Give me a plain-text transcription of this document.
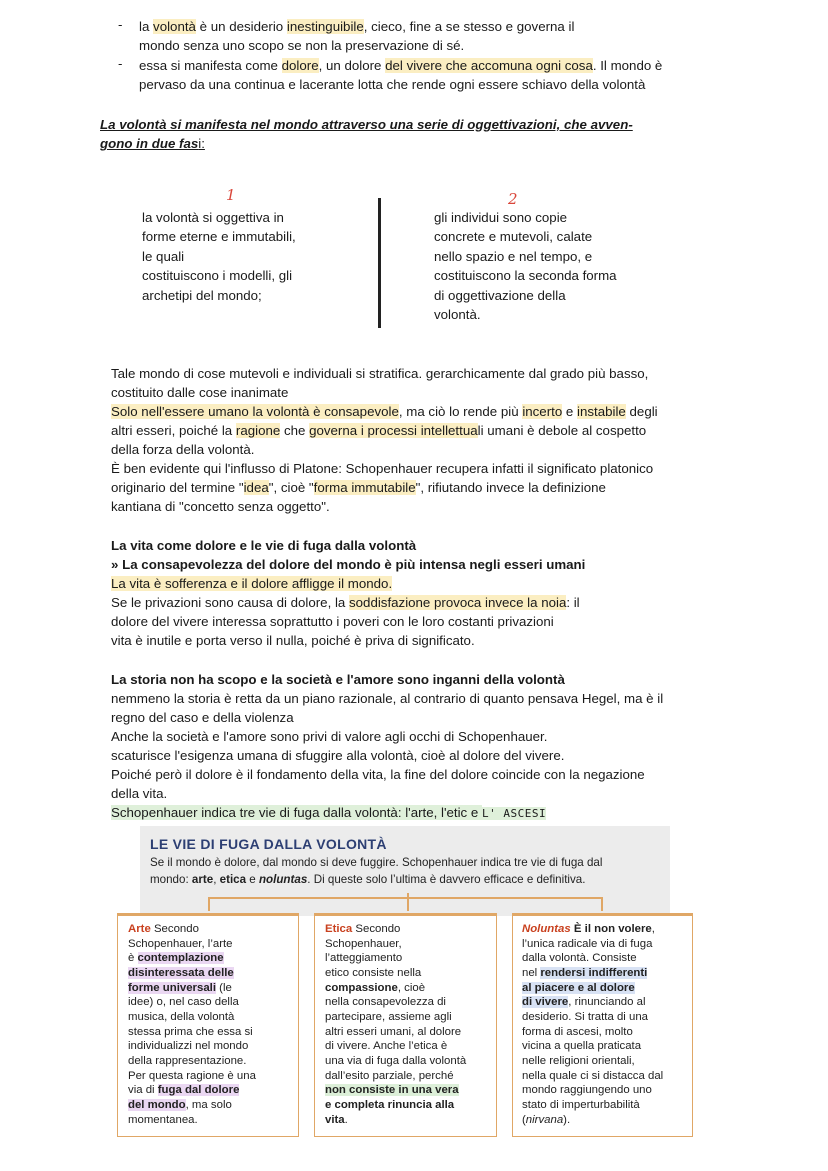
- la volontà è un desiderio inestinguibile, cieco, fine a se stesso e governa il
mondo senza uno scopo se non la preservazione di sé.
- essa si manifesta come dolore, un dolore del vivere che accomuna ogni cosa. Il mondo è
pervaso da una continua e lacerante lotta che rende ogni essere schiavo della volontà
La volontà si manifesta nel mondo attraverso una serie di oggettivazioni, che avven-
gono in due fasi:
1	2
la volontà si oggettiva in
forme eterne e immutabili,
le quali
costituiscono i modelli, gli
archetipi del mondo;
gli individui sono copie
concrete e mutevoli, calate
nello spazio e nel tempo, e
costituiscono la seconda forma
di oggettivazione della
volontà.
Tale mondo di cose mutevoli e individuali si stratifica. gerarchicamente dal grado più basso,
costituito dalle cose inanimate
Solo nell'essere umano la volontà è consapevole, ma ciò lo rende più incerto e instabile degli
altri esseri, poiché la ragione che governa i processi intellettuali umani è debole al cospetto
della forza della volontà.
È ben evidente qui l'influsso di Platone: Schopenhauer recupera infatti il significato platonico
originario del termine "idea", cioè "forma immutabile", rifiutando invece la definizione
kantiana di "concetto senza oggetto".
La vita come dolore e le vie di fuga dalla volontà
» La consapevolezza del dolore del mondo è più intensa negli esseri umani
La vita è sofferenza e il dolore affligge il mondo.
Se le privazioni sono causa di dolore, la soddisfazione provoca invece la noia: il
dolore del vivere interessa soprattutto i poveri con le loro costanti privazioni
vita è inutile e porta verso il nulla, poiché è priva di significato.
La storia non ha scopo e la società e l'amore sono inganni della volontà
nemmeno la storia è retta da un piano razionale, al contrario di quanto pensava Hegel, ma è il
regno del caso e della violenza
Anche la società e l'amore sono privi di valore agli occhi di Schopenhauer.
scaturisce l'esigenza umana di sfuggire alla volontà, cioè al dolore del vivere.
Poiché però il dolore è il fondamento della vita, la fine del dolore coincide con la negazione
della vita.
Schopenhauer indica tre vie di fuga dalla volontà: l'arte, l'etic e L' ASCESI
LE VIE DI FUGA DALLA VOLONTÀ
Se il mondo è dolore, dal mondo si deve fuggire. Schopenhauer indica tre vie di fuga dal
mondo: arte, etica e noluntas. Di queste solo l’ultima è davvero efficace e definitiva.
Arte Secondo
Schopenhauer, l’arte
è contemplazione
disinteressata delle
forme universali (le
idee) o, nel caso della
musica, della volontà
stessa prima che essa si
individualizzi nel mondo
della rappresentazione.
Per questa ragione è una
via di fuga dal dolore
del mondo, ma solo
momentanea.
Etica Secondo
Schopenhauer,
l’atteggiamento
etico consiste nella
compassione, cioè
nella consapevolezza di
partecipare, assieme agli
altri esseri umani, al dolore
di vivere. Anche l’etica è
una via di fuga dalla volontà
dall’esito parziale, perché
non consiste in una vera
e completa rinuncia alla
vita.
Noluntas È il non volere,
l’unica radicale via di fuga
dalla volontà. Consiste
nel rendersi indifferenti
al piacere e al dolore
di vivere, rinunciando al
desiderio. Si tratta di una
forma di ascesi, molto
vicina a quella praticata
nelle religioni orientali,
nella quale ci si distacca dal
mondo raggiungendo uno
stato di imperturbabilità
(nirvana).
